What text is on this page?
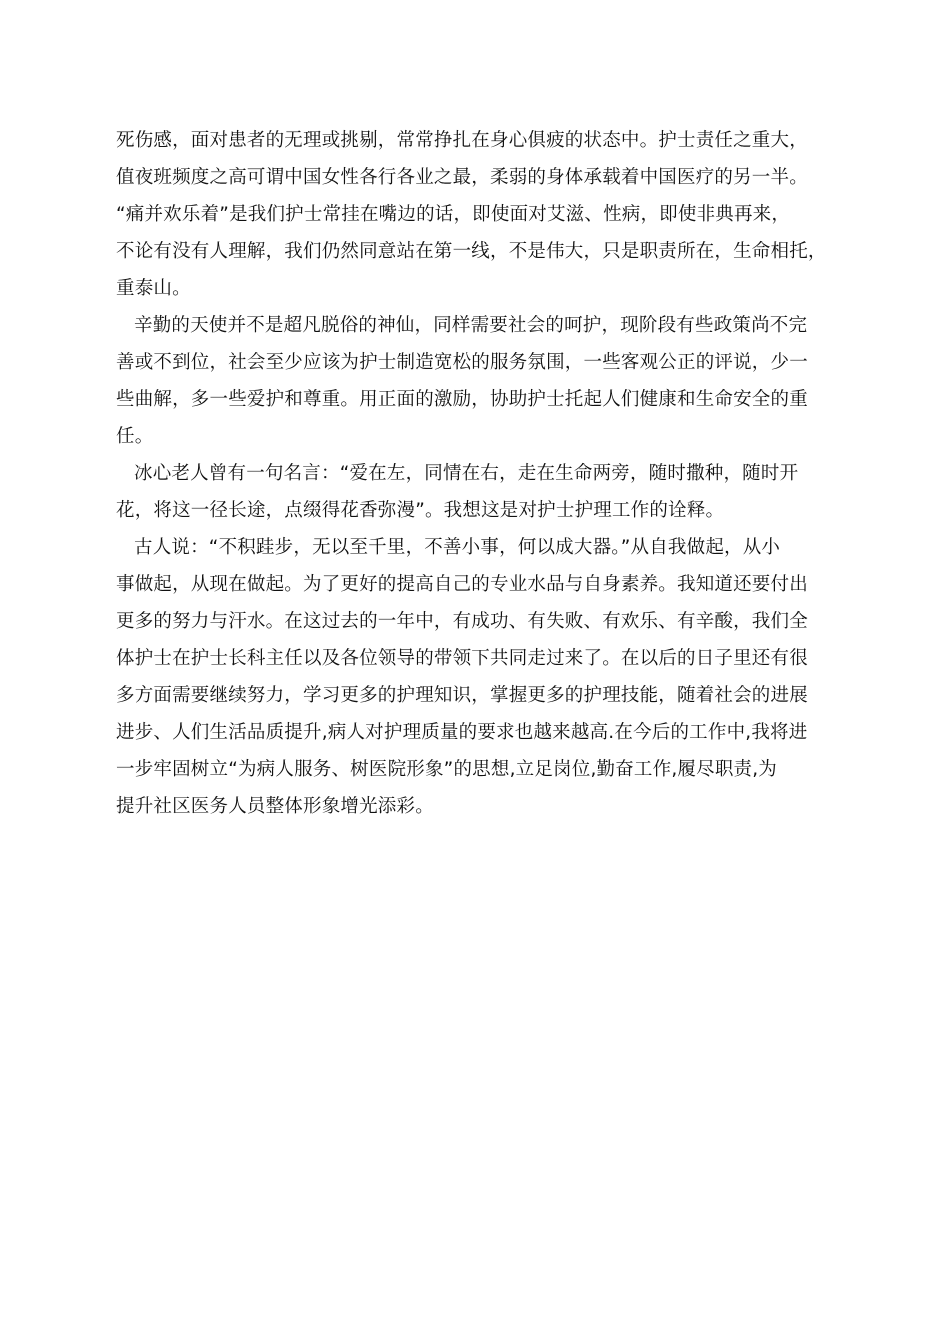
死伤感，面对患者的无理或挑剔，常常挣扎在身心俱疲的状态中。护士责任之重大，
值夜班频度之高可谓中国女性各行各业之最，柔弱的身体承载着中国医疗的另一半。
“痛并欢乐着”是我们护士常挂在嘴边的话，即使面对艾滋、性病，即使非典再来，
不论有没有人理解，我们仍然同意站在第一线，不是伟大，只是职责所在，生命相托，
重泰山。
辛勤的天使并不是超凡脱俗的神仙，同样需要社会的呵护，现阶段有些政策尚不完
善或不到位，社会至少应该为护士制造宽松的服务氛围，一些客观公正的评说，少一
些曲解，多一些爱护和尊重。用正面的激励，协助护士托起人们健康和生命安全的重
任。
冰心老人曾有一句名言：“爱在左，同情在右，走在生命两旁，随时撒种，随时开
花，将这一径长途，点缀得花香弥漫”。我想这是对护士护理工作的诠释。
古人说：“不积跬步，无以至千里，不善小事，何以成大器。”从自我做起，从小
事做起，从现在做起。为了更好的提高自己的专业水品与自身素养。我知道还要付出
更多的努力与汗水。在这过去的一年中，有成功、有失败、有欢乐、有辛酸，我们全
体护士在护士长科主任以及各位领导的带领下共同走过来了。在以后的日子里还有很
多方面需要继续努力，学习更多的护理知识，掌握更多的护理技能，随着社会的进展
进步、人们生活品质提升,病人对护理质量的要求也越来越高.在今后的工作中,我将进
一步牢固树立“为病人服务、树医院形象”的思想,立足岗位,勤奋工作,履尽职责,为
提升社区医务人员整体形象增光添彩。
